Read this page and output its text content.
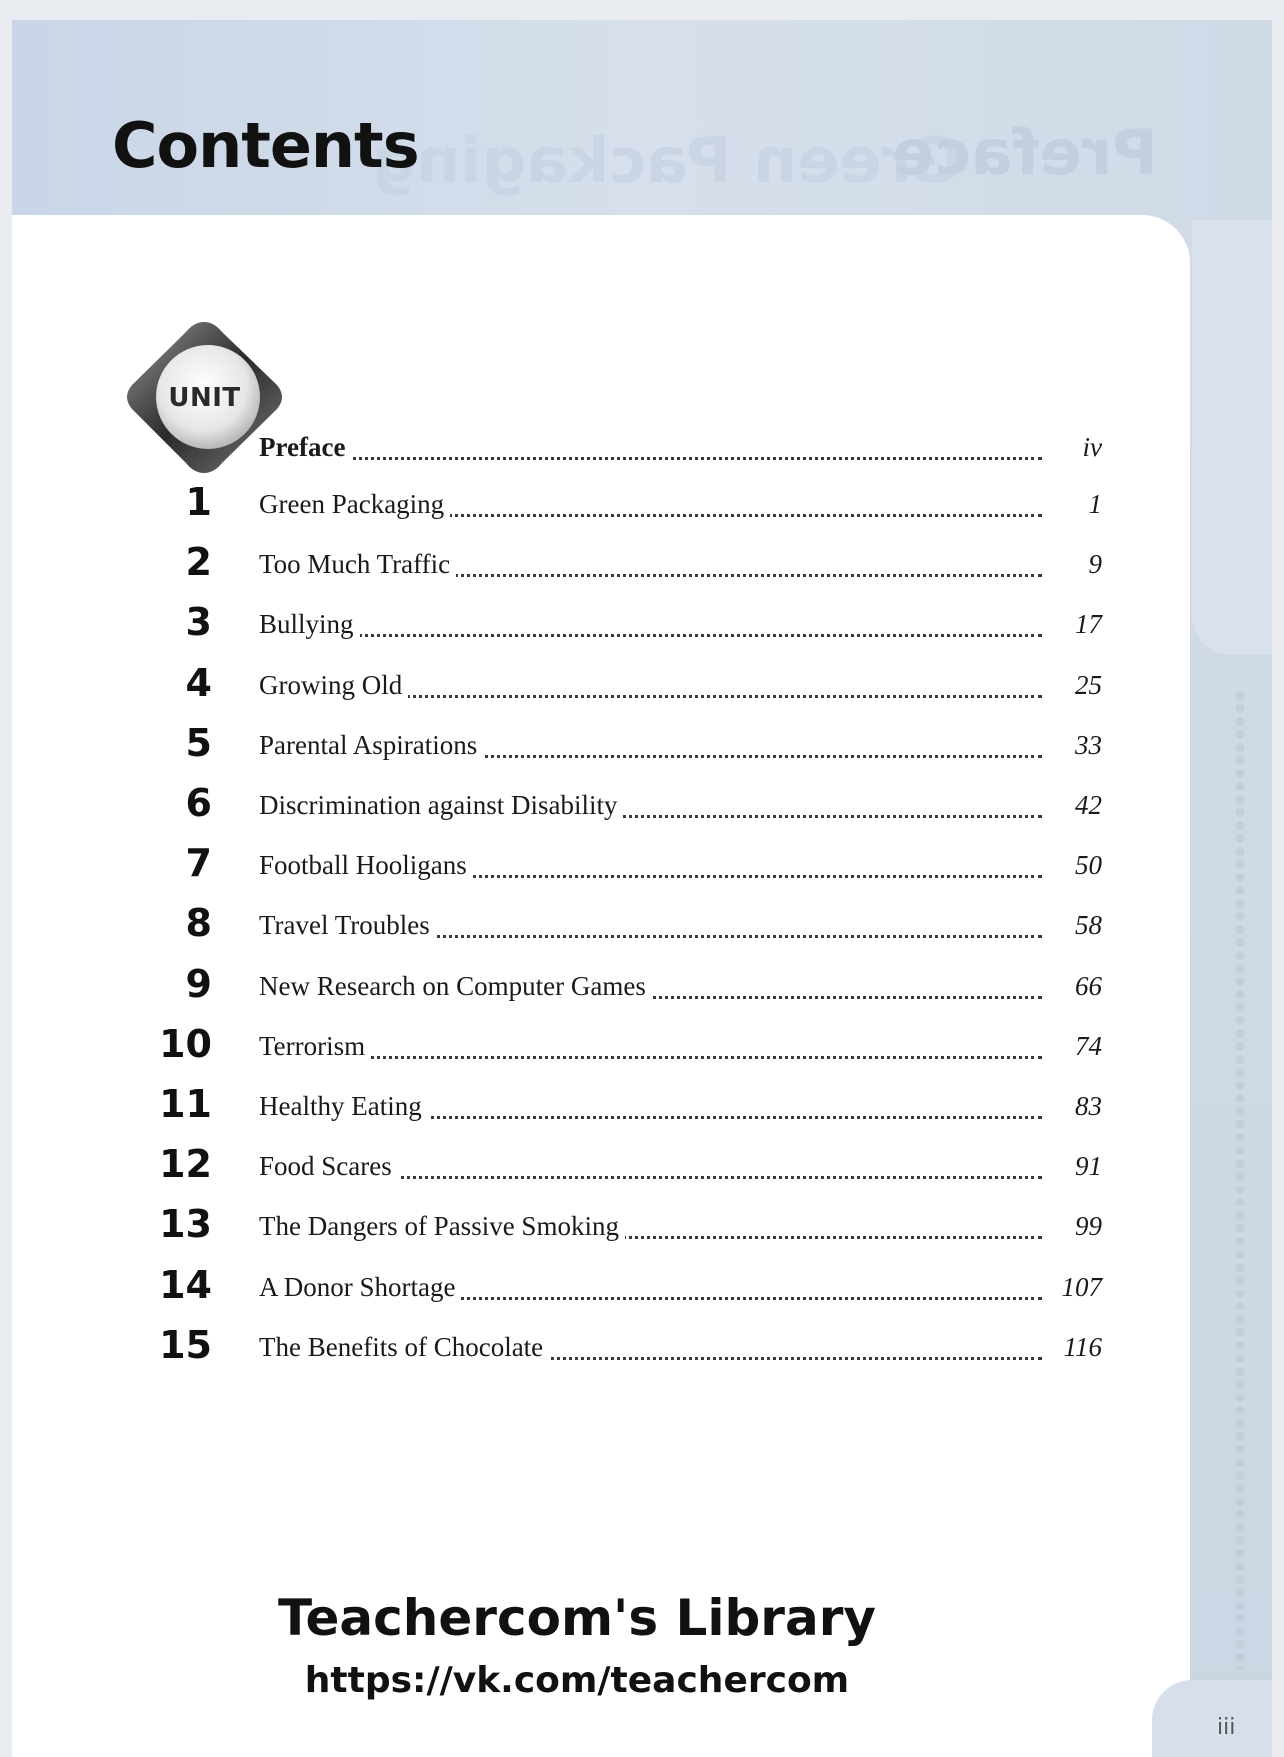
Green Packaging
Preface
Contents
UNIT
Preface	iv
1 Green Packaging	1
2 Too Much Traffic	9
3 Bullying	17
4 Growing Old	25
5 Parental Aspirations	33
6 Discrimination against Disability	42
7 Football Hooligans	50
8 Travel Troubles	58
9 New Research on Computer Games	66
10 Terrorism	74
11 Healthy Eating	83
12 Food Scares	91
13 The Dangers of Passive Smoking	99
14 A Donor Shortage	107
15 The Benefits of Chocolate	116
Teachercom's Library
https://vk.com/teachercom
iii
